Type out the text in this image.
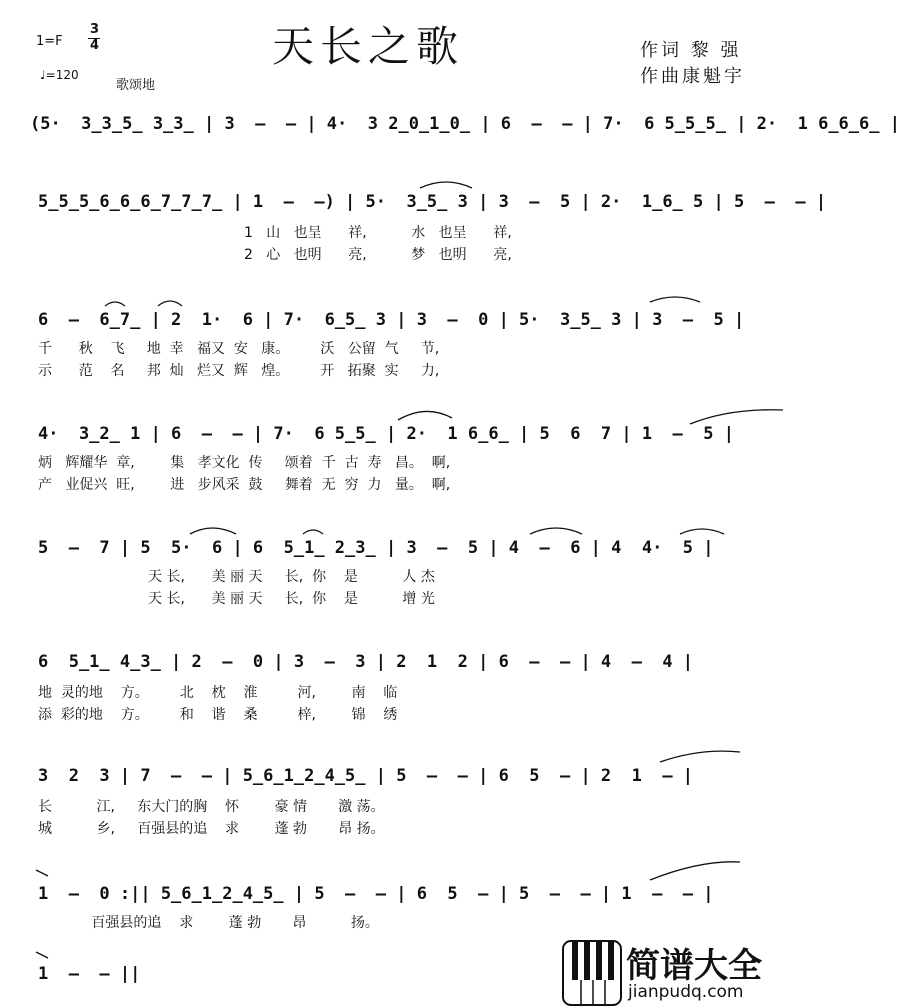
天长之歌
1=F
3
4
♩=120
歌颂地
作词 黎 强
作曲康魁宇
(5·  3̲3̲5̲ 3̲3̲ | 3  –  – | 4·  3 2̲0̲1̲0̲ | 6  –  – | 7·  6 5̲5̲5̲ | 2·  1 6̲6̲6̲ |
5̲5̲5̲6̲6̲6̲7̲7̲7̲ | 1  –  –) | 5·  3̲5̲ 3 | 3  –  5 | 2·  1̲6̲ 5 | 5  –  – |
1   山   也呈      祥,          水   也呈      祥,
2   心   也明      亮,          梦   也明      亮,
6  –  6̲7̲ | 2  1·  6 | 7·  6̲5̲ 3 | 3  –  0 | 5·  3̲5̲ 3 | 3  –  5 |
千      秋    飞     地  幸   福又  安   康。       沃   公留  气     节,
示      范    名     邦  灿   烂又  辉   煌。       开   拓聚  实     力,
4·  3̲2̲ 1 | 6  –  – | 7·  6 5̲5̲ | 2·  1 6̲6̲ | 5  6  7 | 1  –  5 |
炳   辉耀华  章,        集   孝文化  传     颂着  千  古  寿   昌。  啊,
产   业促兴  旺,        进   步风采  鼓     舞着  无  穷  力   量。  啊,
5  –  7 | 5  5·  6 | 6  5̲1̲ 2̲3̲ | 3  –  5 | 4  –  6 | 4  4·  5 |
天 长,      美 丽 天     长,  你    是          人 杰
天 长,      美 丽 天     长,  你    是          增 光
6  5̲1̲ 4̲3̲ | 2  –  0 | 3  –  3 | 2  1  2 | 6  –  – | 4  –  4 |
地  灵的地    方。       北    枕    淮         河,        南    临
添  彩的地    方。       和    谐    桑         梓,        锦    绣
3  2  3 | 7  –  – | 5̲6̲1̲2̲4̲5̲ | 5  –  – | 6  5  – | 2  1  – |
长          江,     东大门的胸    怀        豪 情       激 荡。
城          乡,     百强县的追    求        蓬 勃       昂 扬。
1  –  0 :|| 5̲6̲1̲2̲4̲5̲ | 5  –  – | 6  5  – | 5  –  – | 1  –  – |
百强县的追    求        蓬 勃       昂          扬。
1  –  – ||	简谱大全
jianpudq.com
